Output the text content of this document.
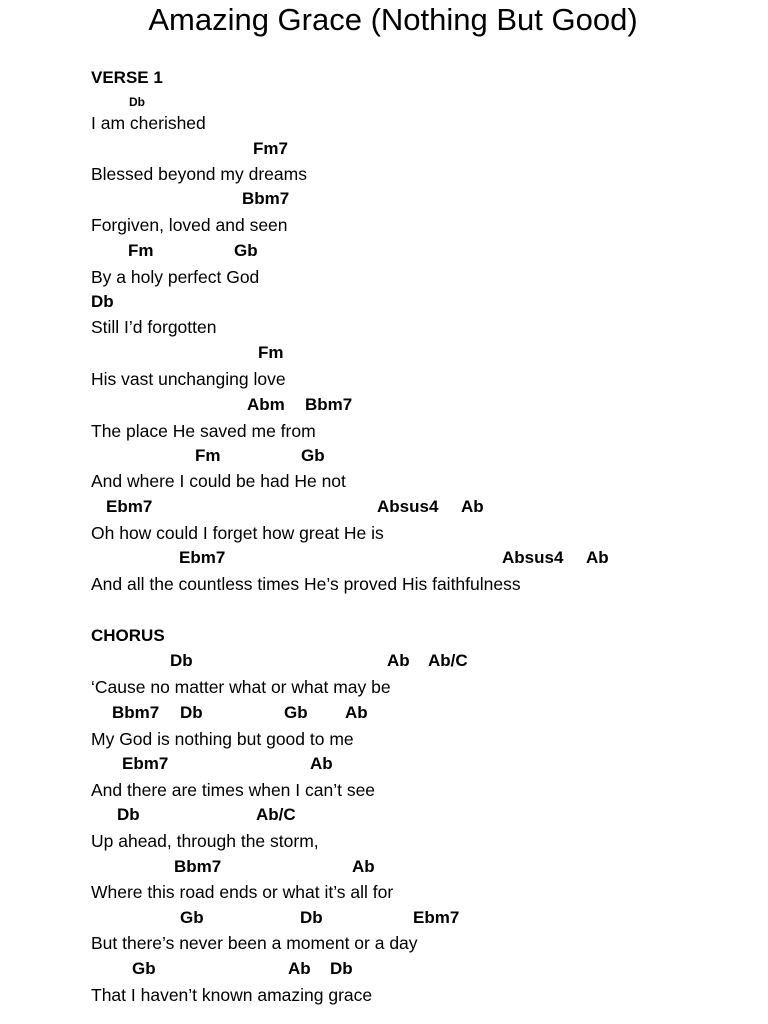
Amazing Grace (Nothing But Good)
VERSE 1
Db
I am cherished
Fm7
Blessed beyond my dreams
Bbm7
Forgiven, loved and seen
Fm	Gb
By a holy perfect God
Db
Still I’d forgotten
Fm
His vast unchanging love
Abm Bbm7
The place He saved me from
Fm	Gb
And where I could be had He not
Ebm7	Absus4 Ab
Oh how could I forget how great He is
Ebm7	Absus4 Ab
And all the countless times He’s proved His faithfulness
CHORUS
Db	Ab Ab/C
‘Cause no matter what or what may be
Bbm7 Db	Gb Ab
My God is nothing but good to me
Ebm7	Ab
And there are times when I can’t see
Db	Ab/C
Up ahead, through the storm,
Bbm7	Ab
Where this road ends or what it’s all for
Gb	Db	Ebm7
But there’s never been a moment or a day
Gb	Ab Db
That I haven’t known amazing grace
